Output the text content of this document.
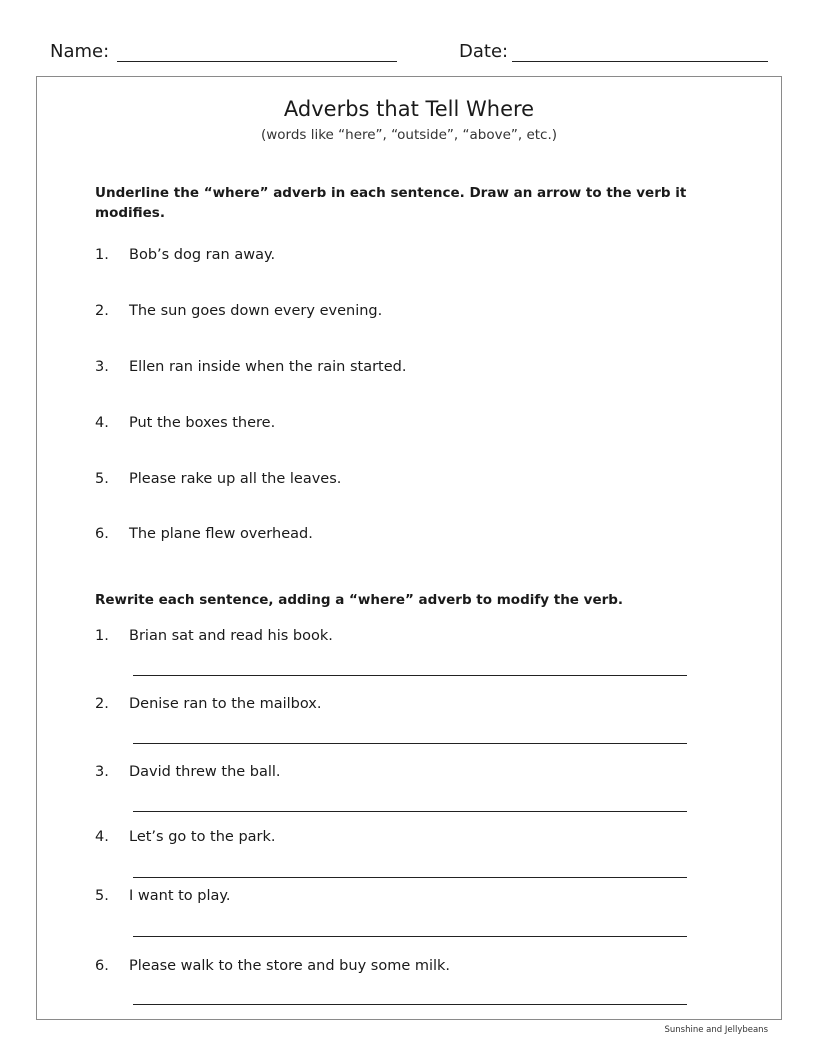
Name:	Date:
Adverbs that Tell Where
(words like “here”, “outside”, “above”, etc.)
Underline the “where” adverb in each sentence. Draw an arrow to the verb it modifies.
1. Bob’s dog ran away.
2. The sun goes down every evening.
3. Ellen ran inside when the rain started.
4. Put the boxes there.
5. Please rake up all the leaves.
6. The plane flew overhead.
Rewrite each sentence, adding a “where” adverb to modify the verb.
1. Brian sat and read his book.
2. Denise ran to the mailbox.
3. David threw the ball.
4. Let’s go to the park.
5. I want to play.
6. Please walk to the store and buy some milk.
Sunshine and Jellybeans
